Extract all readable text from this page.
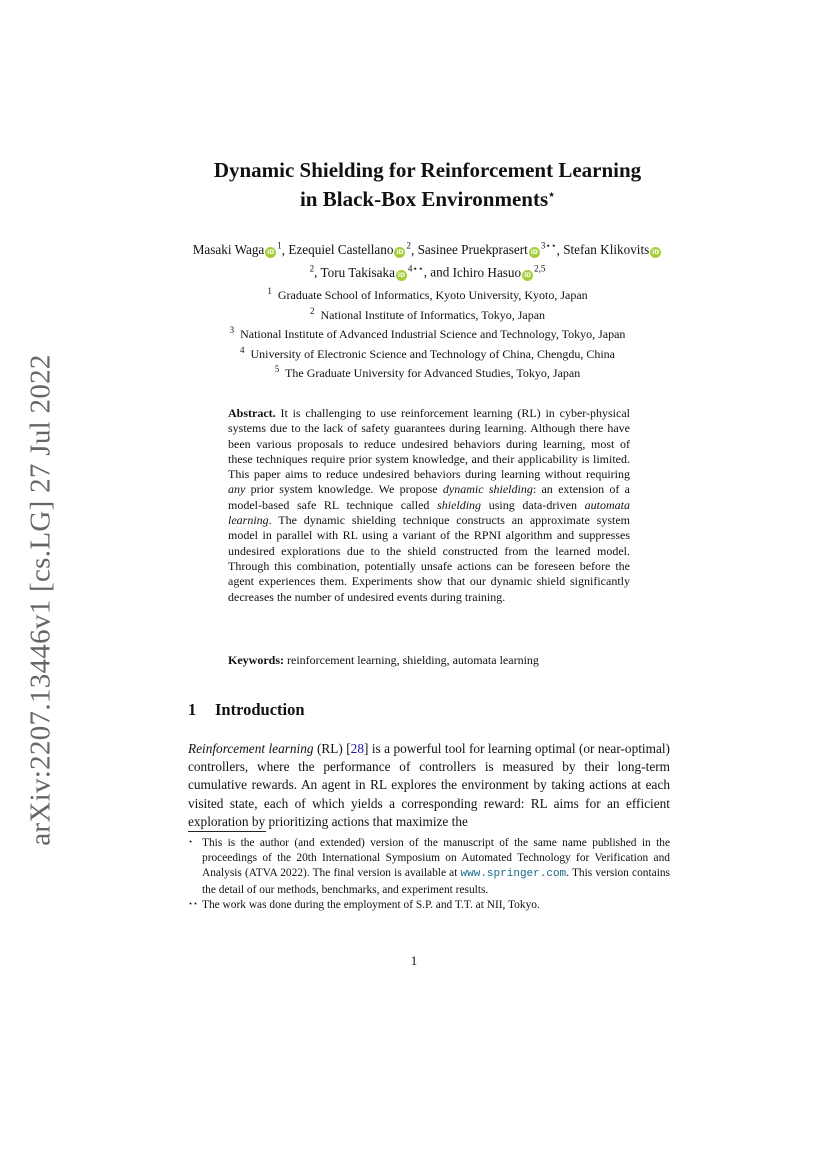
arXiv:2207.13446v1 [cs.LG] 27 Jul 2022
Dynamic Shielding for Reinforcement Learning
in Black-Box Environments⋆
Masaki Waga $iD^1$, Ezequiel Castellano $iD^2$, Sasinee Pruekprasert $iD^{3⋆⋆}$, Stefan Klikovits $iD^2$, Toru Takisaka $iD^{4⋆⋆}$, and Ichiro Hasuo iD$^{2,5}$
$^1$ Graduate School of Informatics, Kyoto University, Kyoto, Japan
$^2$ National Institute of Informatics, Tokyo, Japan
$^3$ National Institute of Advanced Industrial Science and Technology, Tokyo, Japan
$^4$ University of Electronic Science and Technology of China, Chengdu, China
$^5$ The Graduate University for Advanced Studies, Tokyo, Japan
Abstract. It is challenging to use reinforcement learning (RL) in cyber-physical systems due to the lack of safety guarantees during learning. Although there have been various proposals to reduce undesired behaviors during learning, most of these techniques require prior system knowledge, and their applicability is limited. This paper aims to reduce undesired behaviors during learning without requiring any prior system knowledge. We propose dynamic shielding: an extension of a model-based safe RL technique called shielding using data-driven automata learning. The dynamic shielding technique constructs an approximate system model in parallel with RL using a variant of the RPNI algorithm and suppresses undesired explorations due to the shield constructed from the learned model. Through this combination, potentially unsafe actions can be foreseen before the agent experiences them. Experiments show that our dynamic shield significantly decreases the number of undesired events during training.
Keywords: reinforcement learning, shielding, automata learning
1 Introduction
Reinforcement learning (RL) [28] is a powerful tool for learning optimal (or near-optimal) controllers, where the performance of controllers is measured by their long-term cumulative rewards. An agent in RL explores the environment by taking actions at each visited state, each of which yields a corresponding reward: RL aims for an efficient exploration by prioritizing actions that maximize the
⋆ This is the author (and extended) version of the manuscript of the same name published in the proceedings of the 20th International Symposium on Automated Technology for Verification and Analysis (ATVA 2022). The final version is available at www.springer.com. This version contains the detail of our methods, benchmarks, and experiment results.
⋆⋆ The work was done during the employment of S.P. and T.T. at NII, Tokyo.
1
